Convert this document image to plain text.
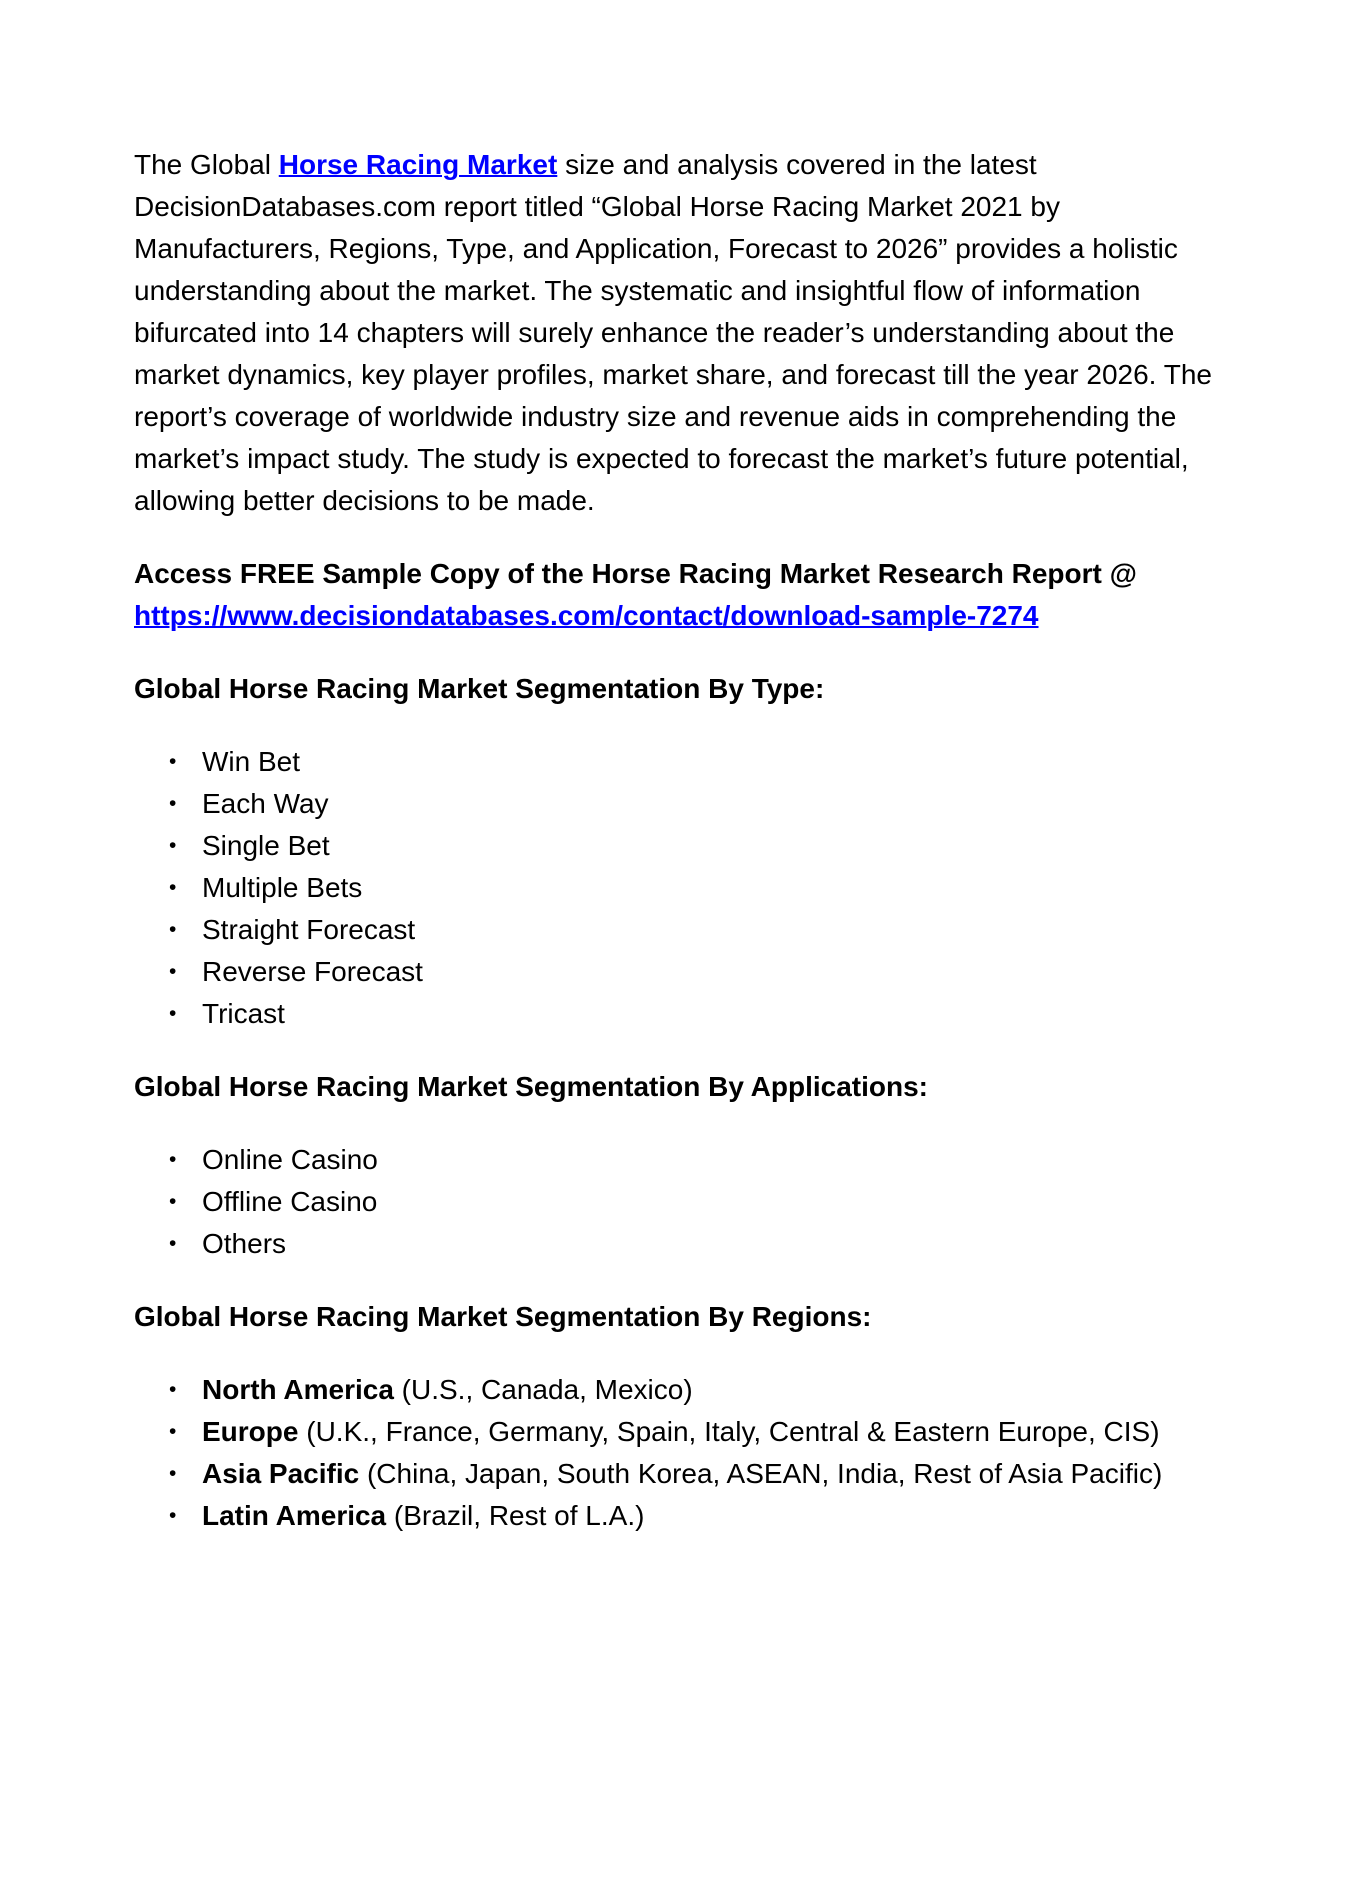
The Global Horse Racing Market size and analysis covered in the latest DecisionDatabases.com report titled “Global Horse Racing Market 2021 by Manufacturers, Regions, Type, and Application, Forecast to 2026” provides a holistic understanding about the market. The systematic and insightful flow of information bifurcated into 14 chapters will surely enhance the reader’s understanding about the market dynamics, key player profiles, market share, and forecast till the year 2026. The report’s coverage of worldwide industry size and revenue aids in comprehending the market’s impact study. The study is expected to forecast the market’s future potential, allowing better decisions to be made.

Access FREE Sample Copy of the Horse Racing Market Research Report @ https://www.decisiondatabases.com/contact/download-sample-7274

Global Horse Racing Market Segmentation By Type:
• Win Bet
• Each Way
• Single Bet
• Multiple Bets
• Straight Forecast
• Reverse Forecast
• Tricast
Global Horse Racing Market Segmentation By Applications:
• Online Casino
• Offline Casino
• Others
Global Horse Racing Market Segmentation By Regions:
• North America (U.S., Canada, Mexico)
• Europe (U.K., France, Germany, Spain, Italy, Central & Eastern Europe, CIS)
• Asia Pacific (China, Japan, South Korea, ASEAN, India, Rest of Asia Pacific)
• Latin America (Brazil, Rest of L.A.)
